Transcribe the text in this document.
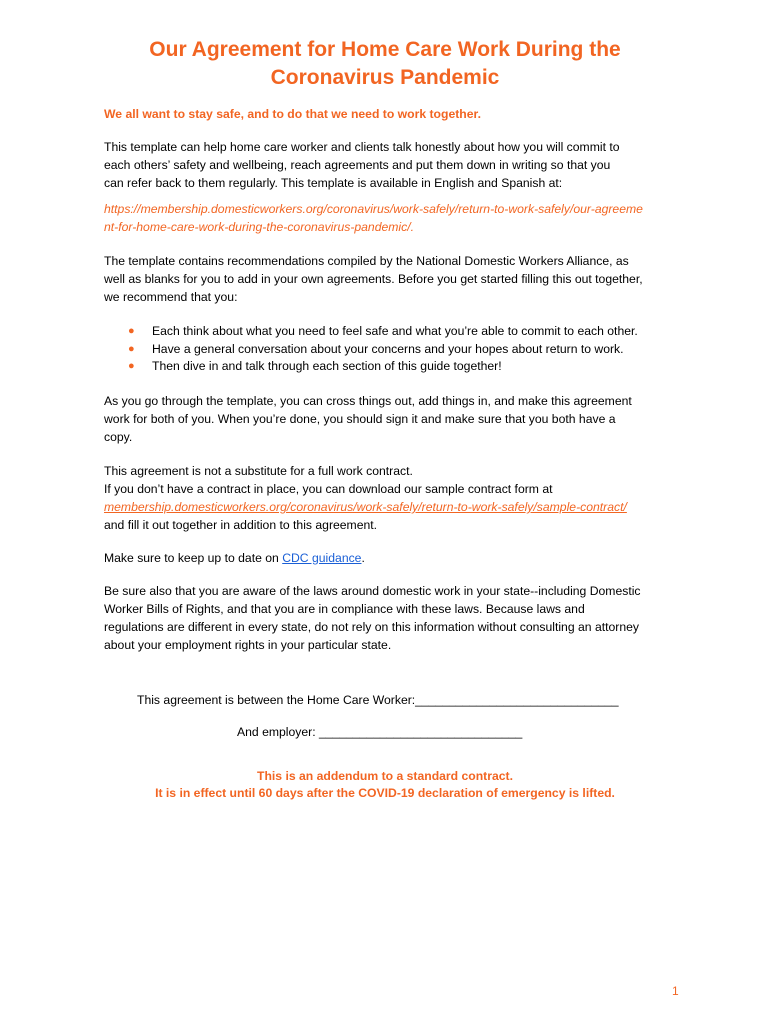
Our Agreement for Home Care Work During the
Coronavirus Pandemic

We all want to stay safe, and to do that we need to work together.

This template can help home care worker and clients talk honestly about how you will commit to
each others’ safety and wellbeing, reach agreements and put them down in writing so that you
can refer back to them regularly. This template is available in English and Spanish at:

https://membership.domesticworkers.org/coronavirus/work-safely/return-to-work-safely/our-agreeme
nt-for-home-care-work-during-the-coronavirus-pandemic/.

The template contains recommendations compiled by the National Domestic Workers Alliance, as
well as blanks for you to add in your own agreements. Before you get started filling this out together,
we recommend that you:

● Each think about what you need to feel safe and what you’re able to commit to each other.
● Have a general conversation about your concerns and your hopes about return to work.
● Then dive in and talk through each section of this guide together!

As you go through the template, you can cross things out, add things in, and make this agreement
work for both of you. When you’re done, you should sign it and make sure that you both have a
copy.

This agreement is not a substitute for a full work contract.
If you don’t have a contract in place, you can download our sample contract form at
membership.domesticworkers.org/coronavirus/work-safely/return-to-work-safely/sample-contract/
and fill it out together in addition to this agreement.

Make sure to keep up to date on CDC guidance.

Be sure also that you are aware of the laws around domestic work in your state--including Domestic
Worker Bills of Rights, and that you are in compliance with these laws. Because laws and
regulations are different in every state, do not rely on this information without consulting an attorney
about your employment rights in your particular state.

This agreement is between the Home Care Worker:______________________________

And employer: ______________________________

This is an addendum to a standard contract.
It is in effect until 60 days after the COVID-19 declaration of emergency is lifted.

1
